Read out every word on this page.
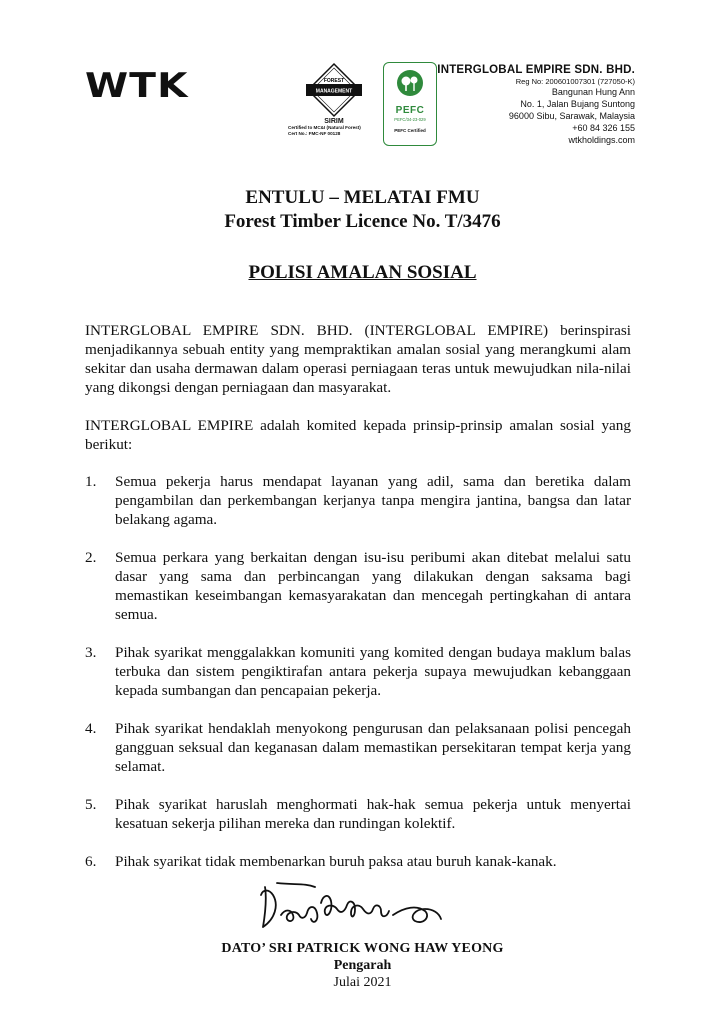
WTK	FOREST
MANAGEMENT
SIRIM
Certified to MC&I (Natural Forest)
Cert No.: FMC-NF 00128
PEFC
PEFC/34-23-029
PEFC Certified
INTERGLOBAL EMPIRE SDN. BHD.
Reg No: 200601007301 (727050-K)
Bangunan Hung Ann
No. 1, Jalan Bujang Suntong
96000 Sibu, Sarawak, Malaysia
+60 84 326 155
wtkholdings.com
ENTULU – MELATAI FMU
Forest Timber Licence No. T/3476
POLISI AMALAN SOSIAL

INTERGLOBAL EMPIRE SDN. BHD. (INTERGLOBAL EMPIRE) berinspirasi menjadikannya sebuah entity yang mempraktikan amalan sosial yang merangkumi alam sekitar dan usaha dermawan dalam operasi perniagaan teras untuk mewujudkan nila-nilai yang dikongsi dengan perniagaan dan masyarakat.

INTERGLOBAL EMPIRE adalah komited kepada prinsip-prinsip amalan sosial yang berikut:

1.	Semua pekerja harus mendapat layanan yang adil, sama dan beretika dalam pengambilan dan perkembangan kerjanya tanpa mengira jantina, bangsa dan latar belakang agama.
2.	Semua perkara yang berkaitan dengan isu-isu peribumi akan ditebat melalui satu dasar yang sama dan perbincangan yang dilakukan dengan saksama bagi memastikan keseimbangan kemasyarakatan dan mencegah pertingkahan di antara semua.
3.	Pihak syarikat menggalakkan komuniti yang komited dengan budaya maklum balas terbuka dan sistem pengiktirafan antara pekerja supaya mewujudkan kebanggaan kepada sumbangan dan pencapaian pekerja.
4.	Pihak syarikat hendaklah menyokong pengurusan dan pelaksanaan polisi pencegah gangguan seksual dan keganasan dalam memastikan persekitaran tempat kerja yang selamat.
5.	Pihak syarikat haruslah menghormati hak-hak semua pekerja untuk menyertai kesatuan sekerja pilihan mereka dan rundingan kolektif.
6.	Pihak syarikat tidak membenarkan buruh paksa atau buruh kanak-kanak.
DATO’ SRI PATRICK WONG HAW YEONG
Pengarah
Julai 2021
